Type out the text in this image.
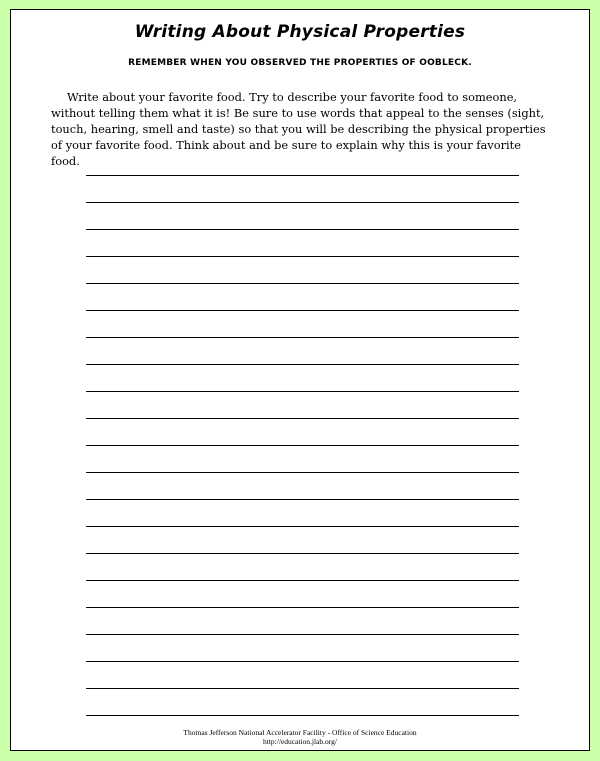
Writing About Physical Properties
REMEMBER WHEN YOU OBSERVED THE PROPERTIES OF OOBLECK.

Write about your favorite food. Try to describe your favorite food to someone, without telling them what it is! Be sure to use words that appeal to the senses (sight, touch, hearing, smell and taste) so that you will be describing the physical properties of your favorite food. Think about and be sure to explain why this is your favorite food.

Thomas Jefferson National Accelerator Facility - Office of Science Education
http://education.jlab.org/
